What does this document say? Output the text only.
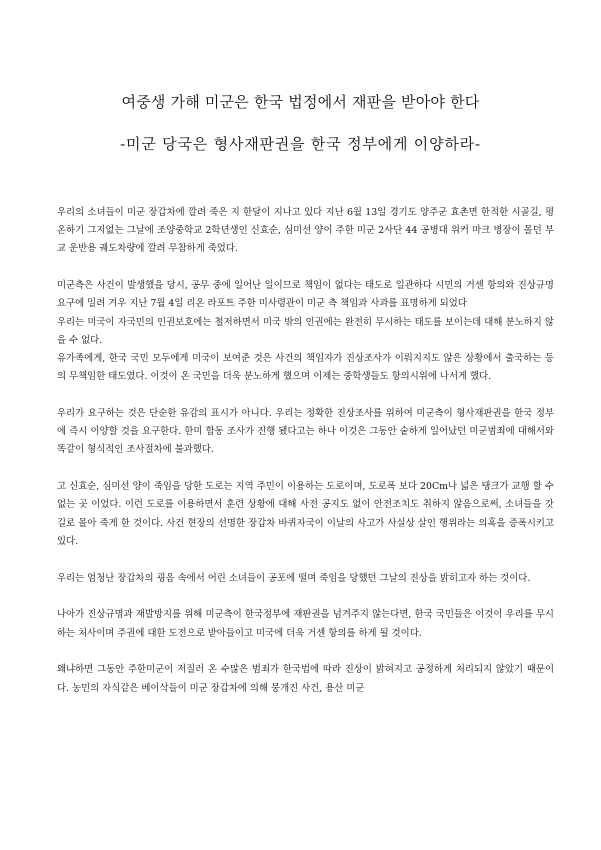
여중생 가해 미군은 한국 법정에서 재판을 받아야 한다
-미군 당국은 형사재판권을 한국 정부에게 이양하라-

우리의 소녀들이 미군 장갑차에 깔려 죽은 지 한달이 지나고 있다 지난 6월 13일 경기도 양주군 효촌면 한적한 시골길, 평온하기 그지없는 그날에 조양중학교 2학년생인 신효순, 심미선 양이 주한 미군 2사단 44 공병대 위커 마크 병장이 몰던 부교 운반용 궤도차량에 깔려 무참하게 죽었다.

미군측은 사건이 발생했을 당시, 공무 중에 일어난 일이므로 책임이 없다는 태도로 일관하다 시민의 거센 항의와 진상규명 요구에 밀려 겨우 지난 7월 4일 리온 라포트 주한 미사령관이 미군 측 책임과 사과를 표명하게 되었다

우리는 미국이 자국민의 인권보호에는 철저하면서 미국 밖의 인권에는 완전히 무시하는 태도를 보이는데 대해 분노하지 않을 수 없다.

유가족에게, 한국 국민 모두에게 미국이 보여준 것은 사건의 책임자가 진상조사가 이뤄지지도 않은 상황에서 출국하는 등의 무책임한 태도였다. 이것이 온 국민을 더욱 분노하게 했으며 이제는 중학생들도 항의시위에 나서게 했다.

우리가 요구하는 것은 단순한 유감의 표시가 아니다. 우리는 정확한 진상조사를 위하여 미군측이 형사재판권을 한국 정부에 즉시 이양할 것을 요구한다. 한미 합동 조사가 진행 됐다고는 하나 이것은 그동안 숱하게 일어났던 미군범죄에 대해서와 똑같이 형식적인 조사절차에 불과했다.

고 신효순, 심미선 양이 죽임을 당한 도로는 지역 주민이 이용하는 도로이며, 도로폭 보다 20Cm나 넓은 탱크가 교행 할 수 없는 곳 이었다. 이런 도로를 이용하면서 훈련 상황에 대해 사전 공지도 없이 안전조치도 취하지 않음으로써, 소녀들을 갓길로 몰아 죽게 한 것이다. 사건 현장의 선명한 장갑차 바퀴자국이 이날의 사고가 사실상 살인 행위라는 의혹을 증폭시키고 있다.

우리는 엄청난 장갑차의 굉음 속에서 어린 소녀들이 공포에 떨며 죽임을 당했던 그날의 진상을 밝히고자 하는 것이다.

나아가 진상규명과 재발방지를 위해 미군측이 한국정부에 재판권을 넘겨주지 않는다면, 한국 국민들은 이것이 우리를 무시하는 처사이며 주권에 대한 도전으로 받아들이고 미국에 더욱 거센 항의를 하게 될 것이다.

왜냐하면 그동안 주한미군이 저질러 온 수많은 범죄가 한국법에 따라 진상이 밝혀지고 공정하게 처리되지 않았기 때문이다. 농민의 자식같은 베이삭들이 미군 장갑차에 의해 뭉개진 사건, 용산 미군
